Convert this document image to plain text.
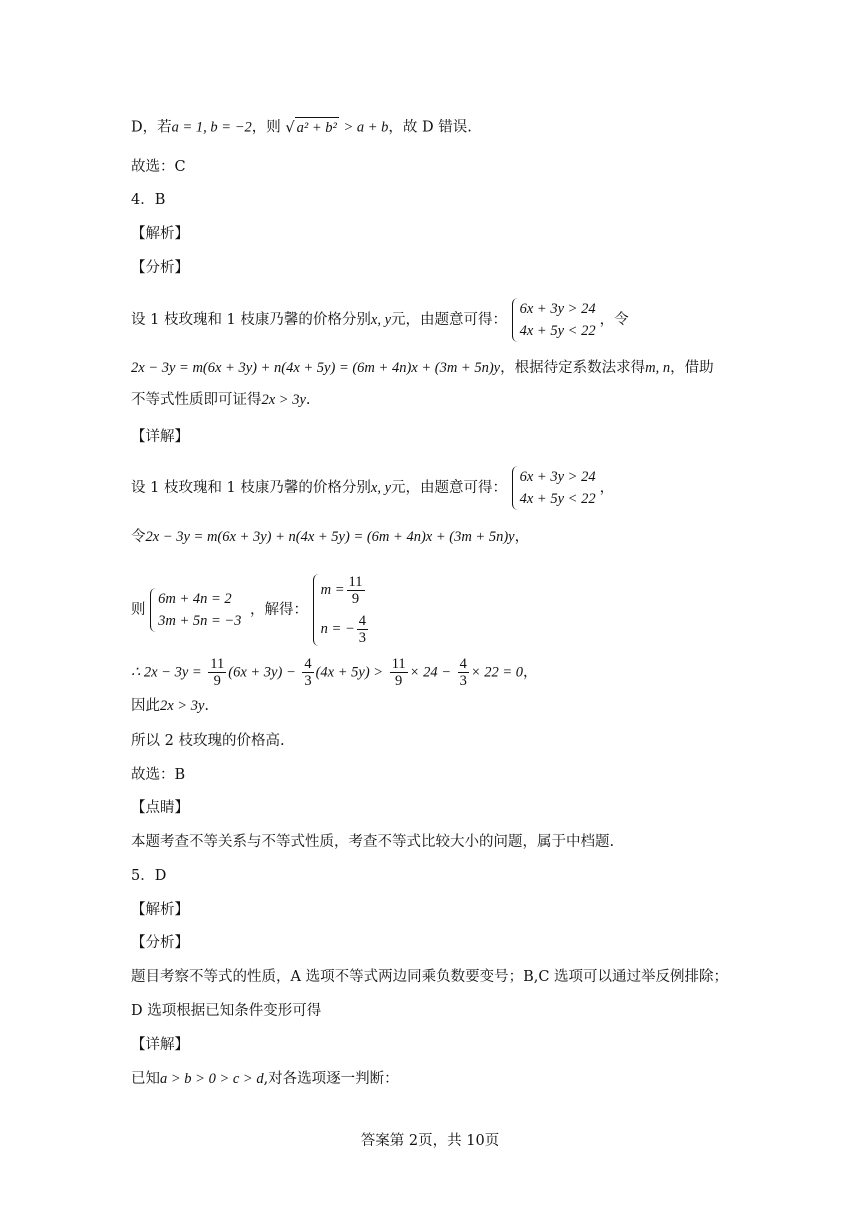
D，若a = 1, b = −2，则 √ a² + b² > a + b，故 D 错误.
故选：C
4．B
【解析】
【分析】
设 1 枝玫瑰和 1 枝康乃馨的价格分别x, y元，由题意可得：
6x + 3y > 24
4x + 5y < 22
，令
2x − 3y = m(6x + 3y) + n(4x + 5y) = (6m + 4n)x + (3m + 5n)y，根据待定系数法求得m, n，借助
不等式性质即可证得2x > 3y.
【详解】
设 1 枝玫瑰和 1 枝康乃馨的价格分别x, y元，由题意可得：
6x + 3y > 24
4x + 5y < 22
，
令2x − 3y = m(6x + 3y) + n(4x + 5y) = (6m + 4n)x + (3m + 5n)y，
则
6m + 4n = 2
3m + 5n = −3
，解得：
$m = \frac{11}{9}$
n = − $\frac{4}{3}$
∴ $2x - 3y = \frac{11}{9} (6x + 3y) - \frac{4}{3} (4x + 5y) > \frac{11}{9} \times 24 - \frac{4}{3} \times 22 = 0$，
因此2x > 3y.
所以 2 枝玫瑰的价格高.
故选：B
【点睛】
本题考查不等关系与不等式性质，考查不等式比较大小的问题，属于中档题.
5．D
【解析】
【分析】
题目考察不等式的性质，A 选项不等式两边同乘负数要变号；B,C 选项可以通过举反例排除；
D 选项根据已知条件变形可得
【详解】
已知a > b > 0 > c > d,对各选项逐一判断：
答案第 2页，共 10页
